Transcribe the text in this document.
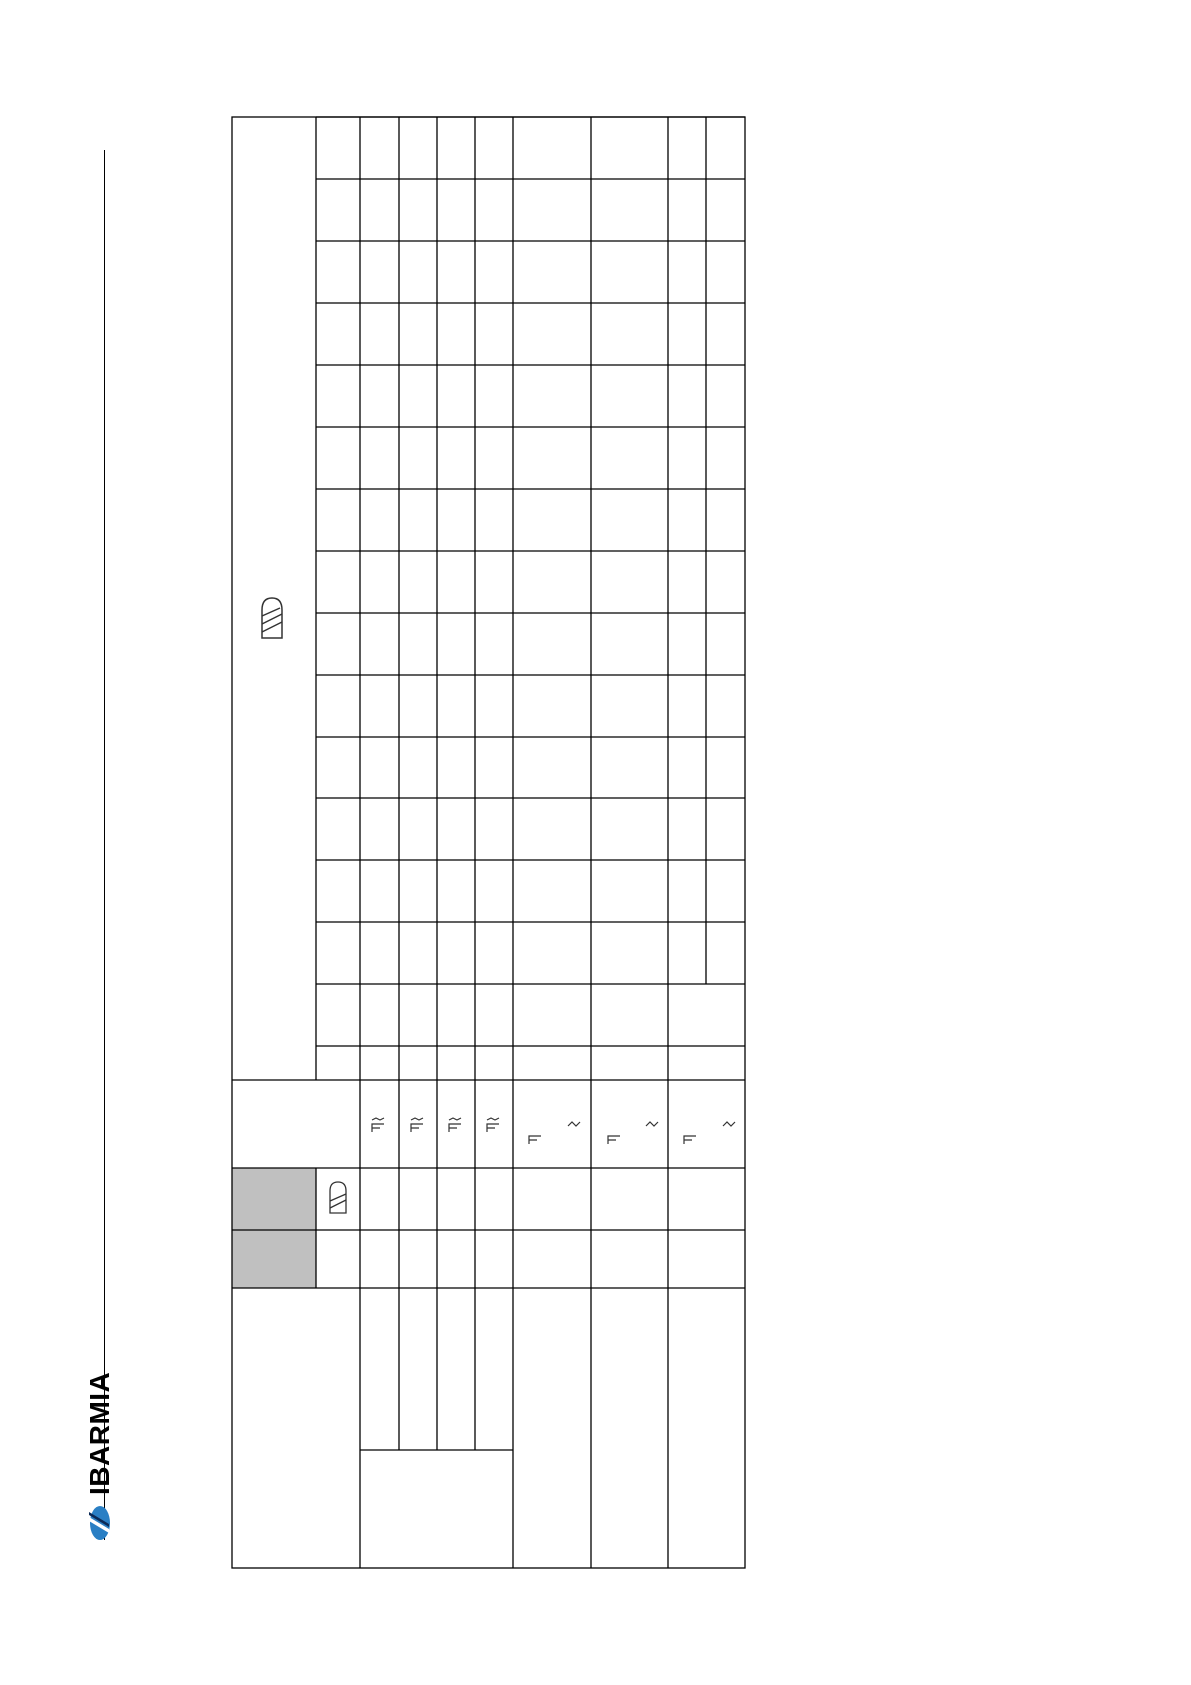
IBARMIA
